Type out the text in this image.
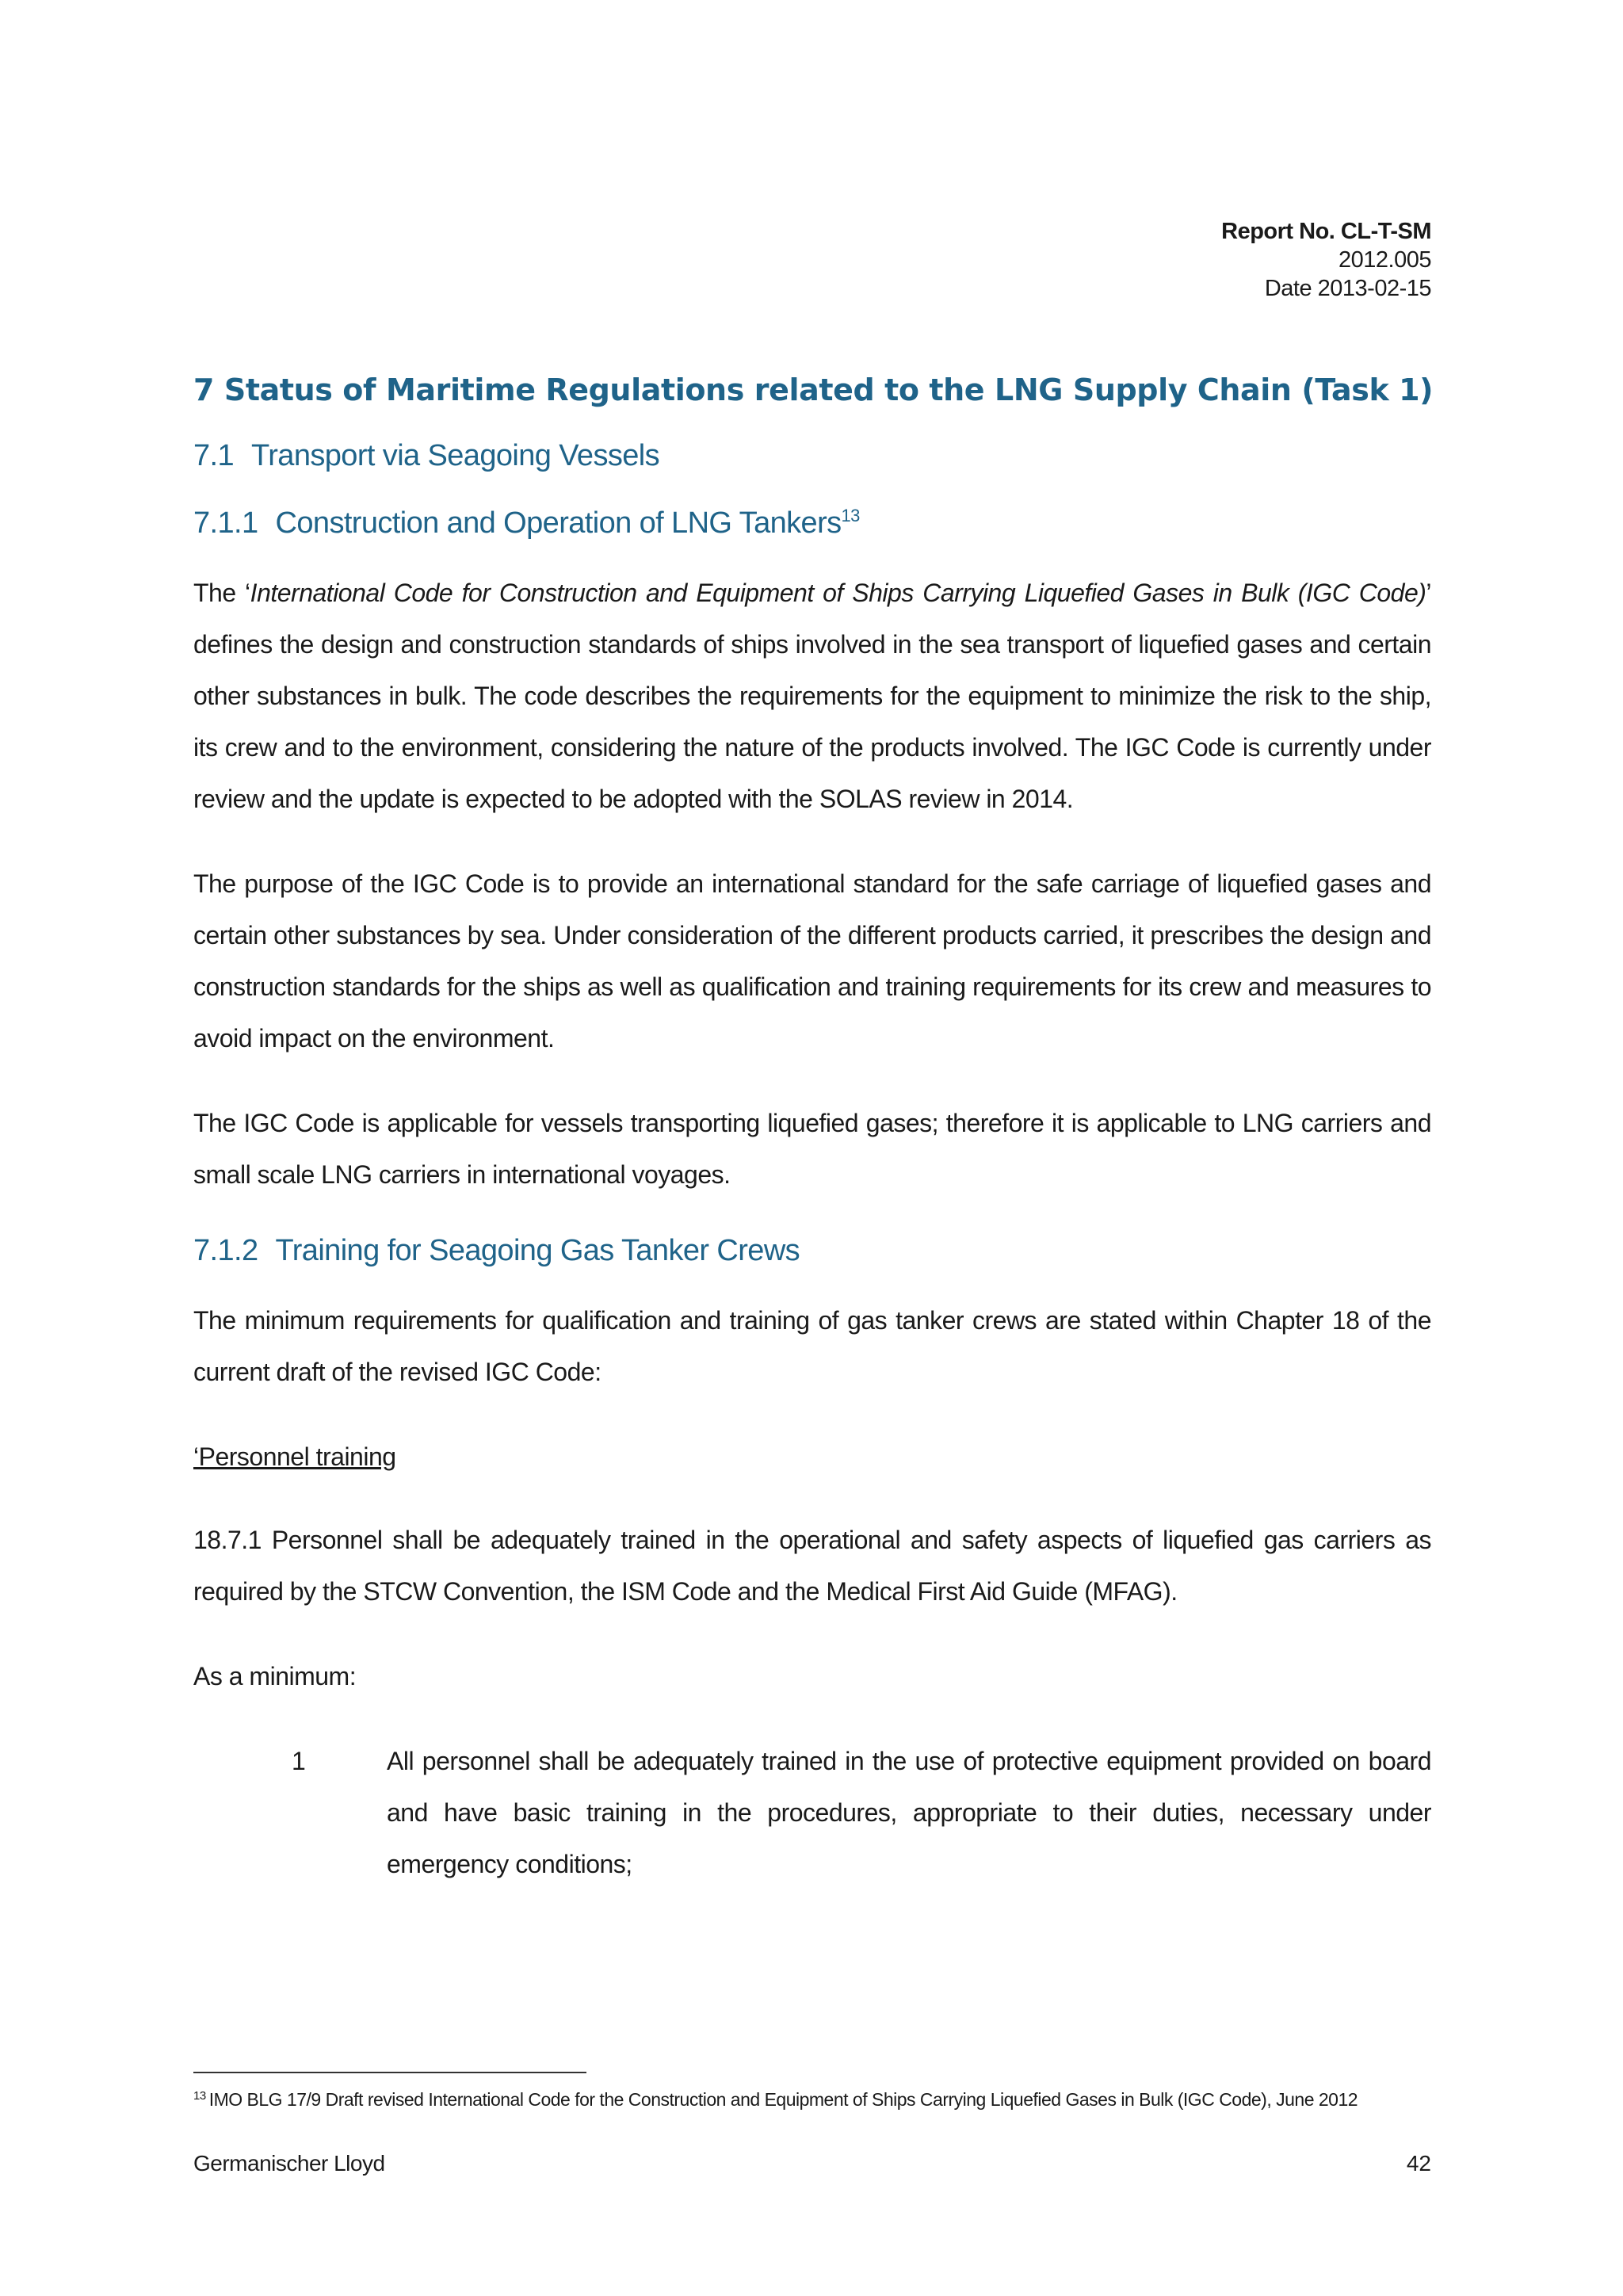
Report No. CL-T-SM
2012.005
Date 2013-02-15
7 Status of Maritime Regulations related to the LNG Supply Chain (Task 1)
7.1 Transport via Seagoing Vessels
7.1.1 Construction and Operation of LNG Tankers$^{13}$

The ‘International Code for Construction and Equipment of Ships Carrying Liquefied Gases in Bulk (IGC Code)’ defines the design and construction standards of ships involved in the sea transport of liquefied gases and certain other substances in bulk. The code describes the requirements for the equipment to minimize the risk to the ship, its crew and to the environment, considering the nature of the products involved. The IGC Code is currently under review and the update is expected to be adopted with the SOLAS review in 2014.

The purpose of the IGC Code is to provide an international standard for the safe carriage of liquefied gases and certain other substances by sea. Under consideration of the different products carried, it prescribes the design and construction standards for the ships as well as qualification and training requirements for its crew and measures to avoid impact on the environment.

The IGC Code is applicable for vessels transporting liquefied gases; therefore it is applicable to LNG carriers and small scale LNG carriers in international voyages.

7.1.2 Training for Seagoing Gas Tanker Crews

The minimum requirements for qualification and training of gas tanker crews are stated within Chapter 18 of the current draft of the revised IGC Code:

‘Personnel training

18.7.1 Personnel shall be adequately trained in the operational and safety aspects of liquefied gas carriers as required by the STCW Convention, the ISM Code and the Medical First Aid Guide (MFAG).

As a minimum:

1	All personnel shall be adequately trained in the use of protective equipment provided on board and have basic training in the procedures, appropriate to their duties, necessary under emergency conditions;
$^{13}$ IMO BLG 17/9 Draft revised International Code for the Construction and Equipment of Ships Carrying Liquefied Gases in Bulk (IGC Code), June 2012
Germanischer Lloyd	42
